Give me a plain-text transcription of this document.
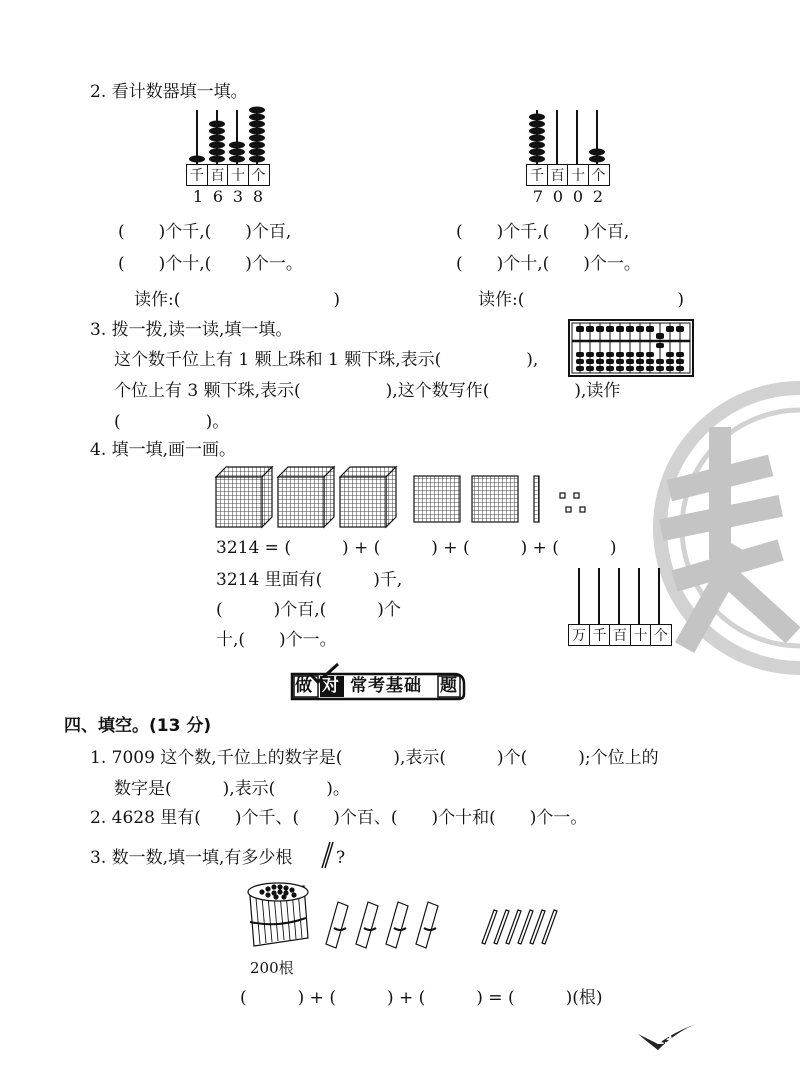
2. 看计数器填一填。
千 百 十 个
1 6 3 8
千 百 十 个
7 0 0 2
(　　)个千,(　　)个百,
(　　)个十,(　　)个一。
(　　)个千,(　　)个百,
(　　)个十,(　　)个一。
读作:(　　　　　　　　　)	读作:(　　　　　　　　　)
3. 拨一拨,读一读,填一填。
这个数千位上有 1 颗上珠和 1 颗下珠,表示(　　　　　),
个位上有 3 颗下珠,表示(　　　　　),这个数写作(　　　　　),读作
(　　　　　)。
4. 填一填,画一画。
3214 = (　　　) + (　　　) + (　　　) + (　　　)
3214 里面有(　　　)千,
(　　　)个百,(　　　)个
十,(　　)个一。	万 千 百 十 个
做 对 常考基础 题
四、填空。(13 分)
1. 7009 这个数,千位上的数字是(　　　),表示(　　　)个(　　　);个位上的
数字是(　　　),表示(　　　)。
2. 4628 里有(　　)个千、(　　)个百、(　　)个十和(　　)个一。
3. 数一数,填一填,有多少根	?
200根
(　　　) + (　　　) + (　　　) = (　　　)(根)
13
